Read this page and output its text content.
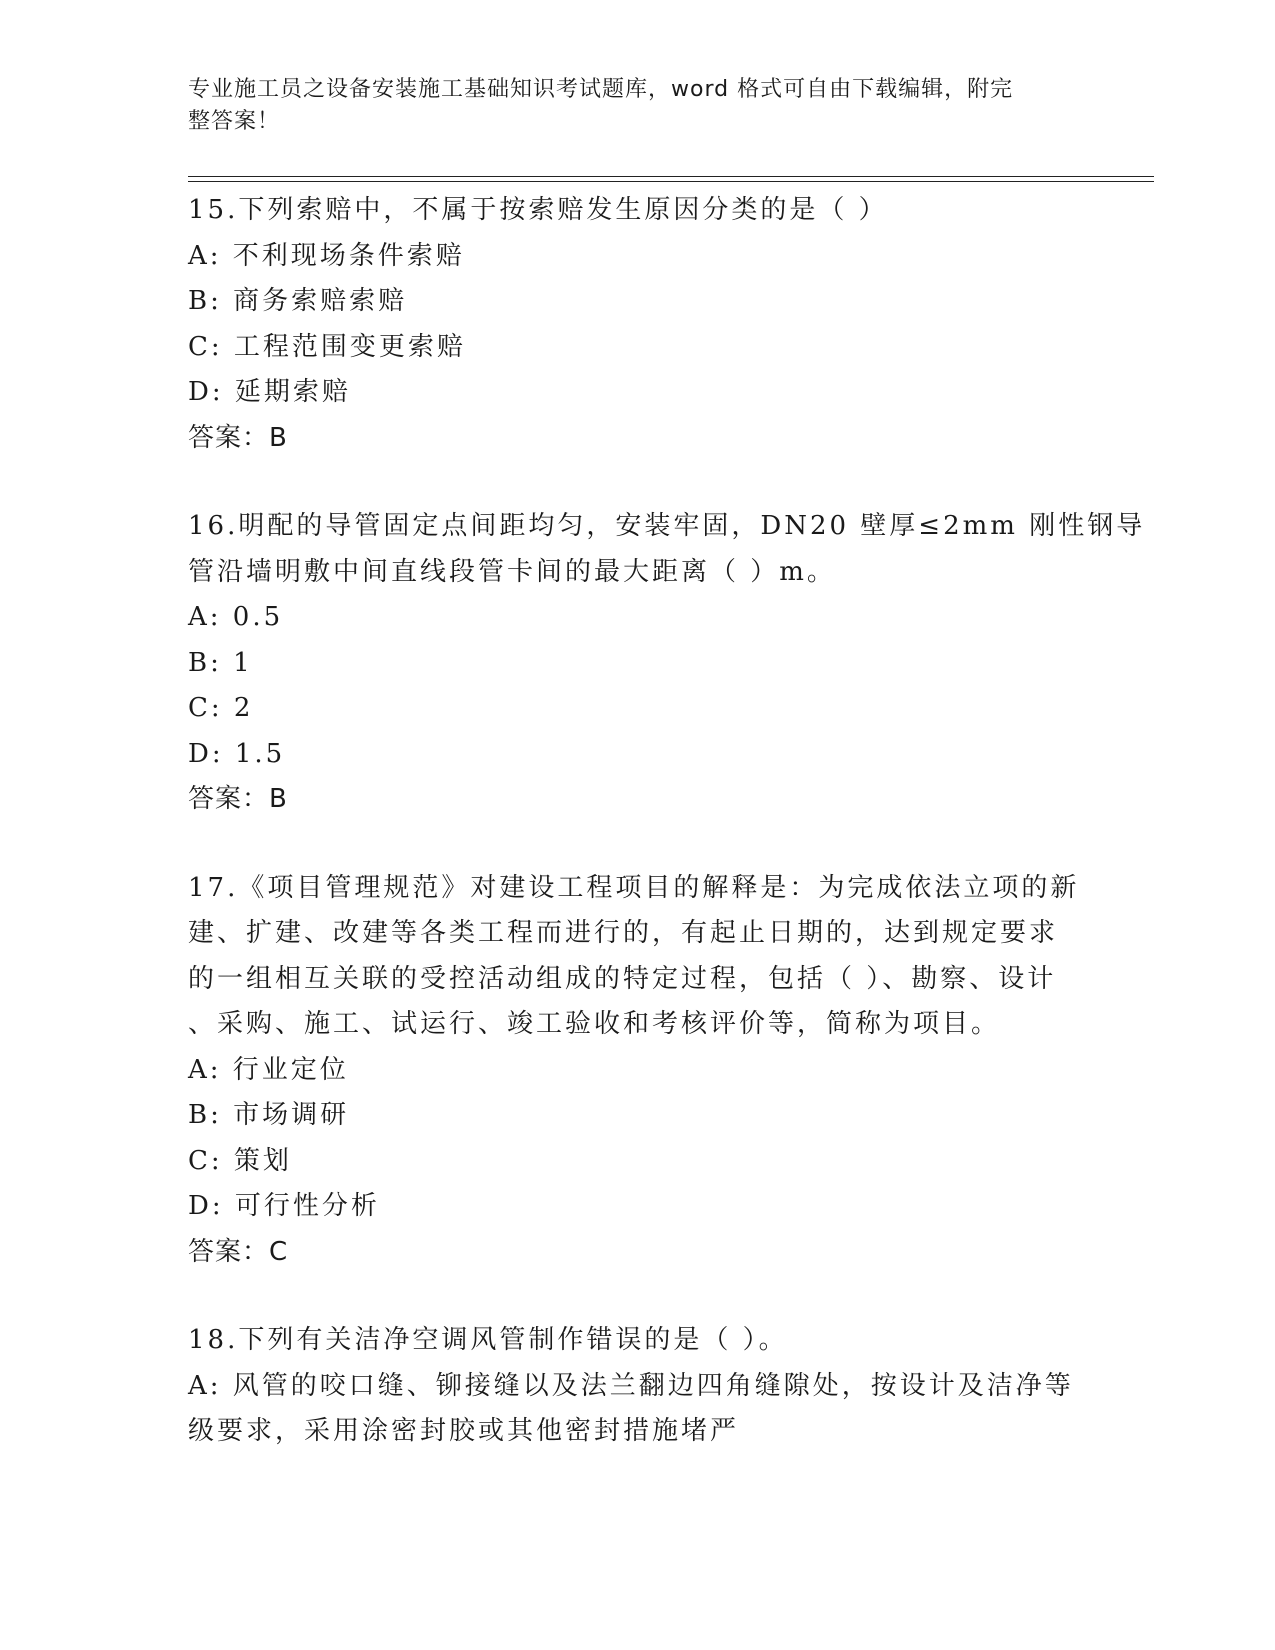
专业施工员之设备安装施工基础知识考试题库，word 格式可自由下载编辑，附完
整答案！
15.下列索赔中，不属于按索赔发生原因分类的是（ ）
A: 不利现场条件索赔
B: 商务索赔索赔
C: 工程范围变更索赔
D: 延期索赔
答案：B
16.明配的导管固定点间距均匀，安装牢固，DN20 壁厚≤2mm 刚性钢导
管沿墙明敷中间直线段管卡间的最大距离（ ）m。
A: 0.5
B: 1
C: 2
D: 1.5
答案：B
17.《项目管理规范》对建设工程项目的解释是：为完成依法立项的新
建、扩建、改建等各类工程而进行的，有起止日期的，达到规定要求
的一组相互关联的受控活动组成的特定过程，包括（ ）、勘察、设计
、采购、施工、试运行、竣工验收和考核评价等，简称为项目。
A: 行业定位
B: 市场调研
C: 策划
D: 可行性分析
答案：C
18.下列有关洁净空调风管制作错误的是（ ）。
A: 风管的咬口缝、铆接缝以及法兰翻边四角缝隙处，按设计及洁净等
级要求，采用涂密封胶或其他密封措施堵严
